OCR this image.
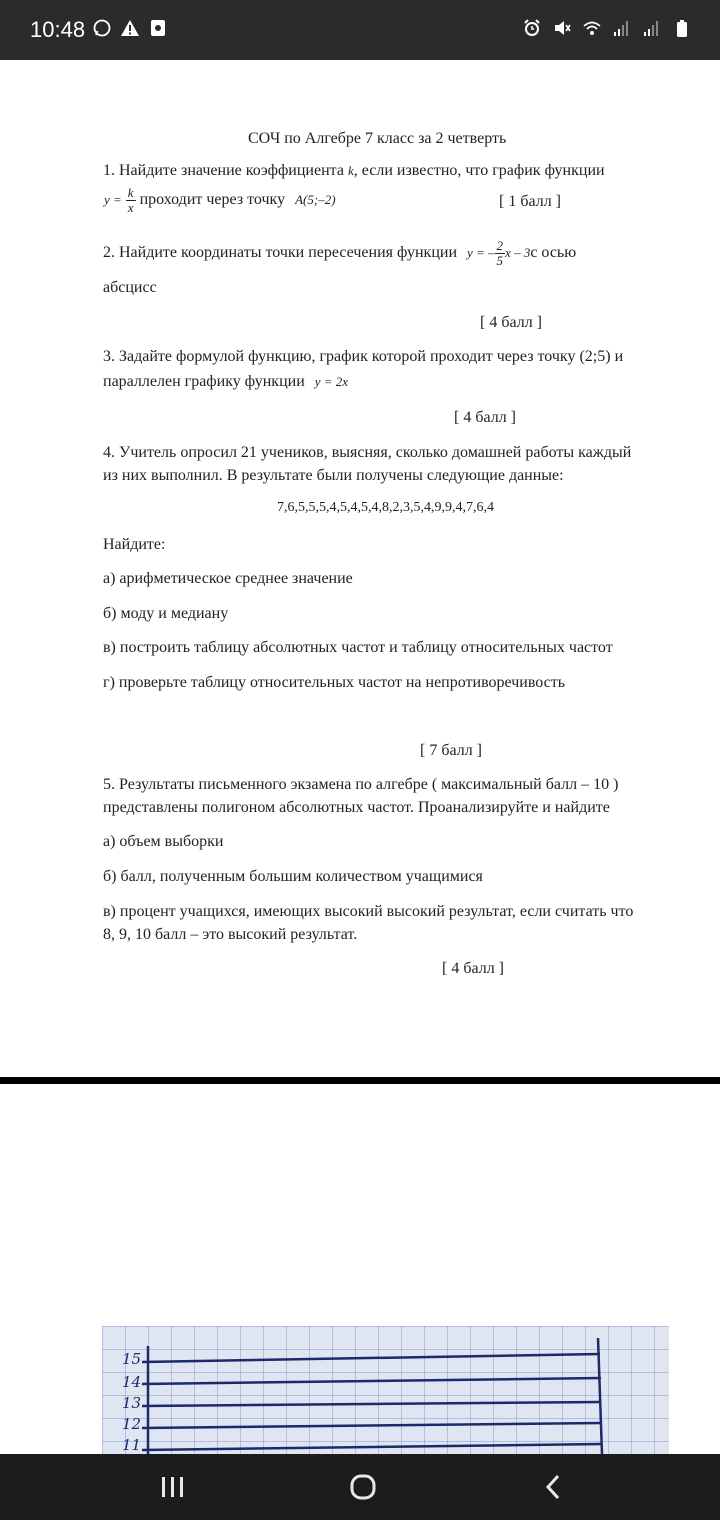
10:48
СОЧ по Алгебре 7 класс за 2 четверть
1. Найдите значение коэффициента k, если известно, что график функции
$y = \frac{k}{x}$ проходит через точку A(5;–2)	[ 1 балл ]
2. Найдите координаты точки пересечения функции y = – $\frac{2}{5}$ x – 3с осью
абсцисс
[ 4 балл ]
3. Задайте формулой функцию, график которой проходит через точку (2;5) и
параллелен графику функции y = 2x
[ 4 балл ]
4. Учитель опросил 21 учеников, выясняя, сколько домашней работы каждый
из них выполнил. В результате были получены следующие данные:
7,6,5,5,5,4,5,4,5,4,8,2,3,5,4,9,9,4,7,6,4
Найдите:
а) арифметическое среднее значение
б) моду и медиану
в) построить таблицу абсолютных частот и таблицу относительных частот
г) проверьте таблицу относительных частот на непротиворечивость
[ 7 балл ]
5. Результаты письменного экзамена по алгебре ( максимальный балл – 10 )
представлены полигоном абсолютных частот. Проанализируйте и найдите
а) объем выборки
б) балл, полученным большим количеством учащимися
в) процент учащихся, имеющих высокий высокий результат, если считать что
8, 9, 10 балл – это высокий результат.
[ 4 балл ]
15
14
13
12
11
